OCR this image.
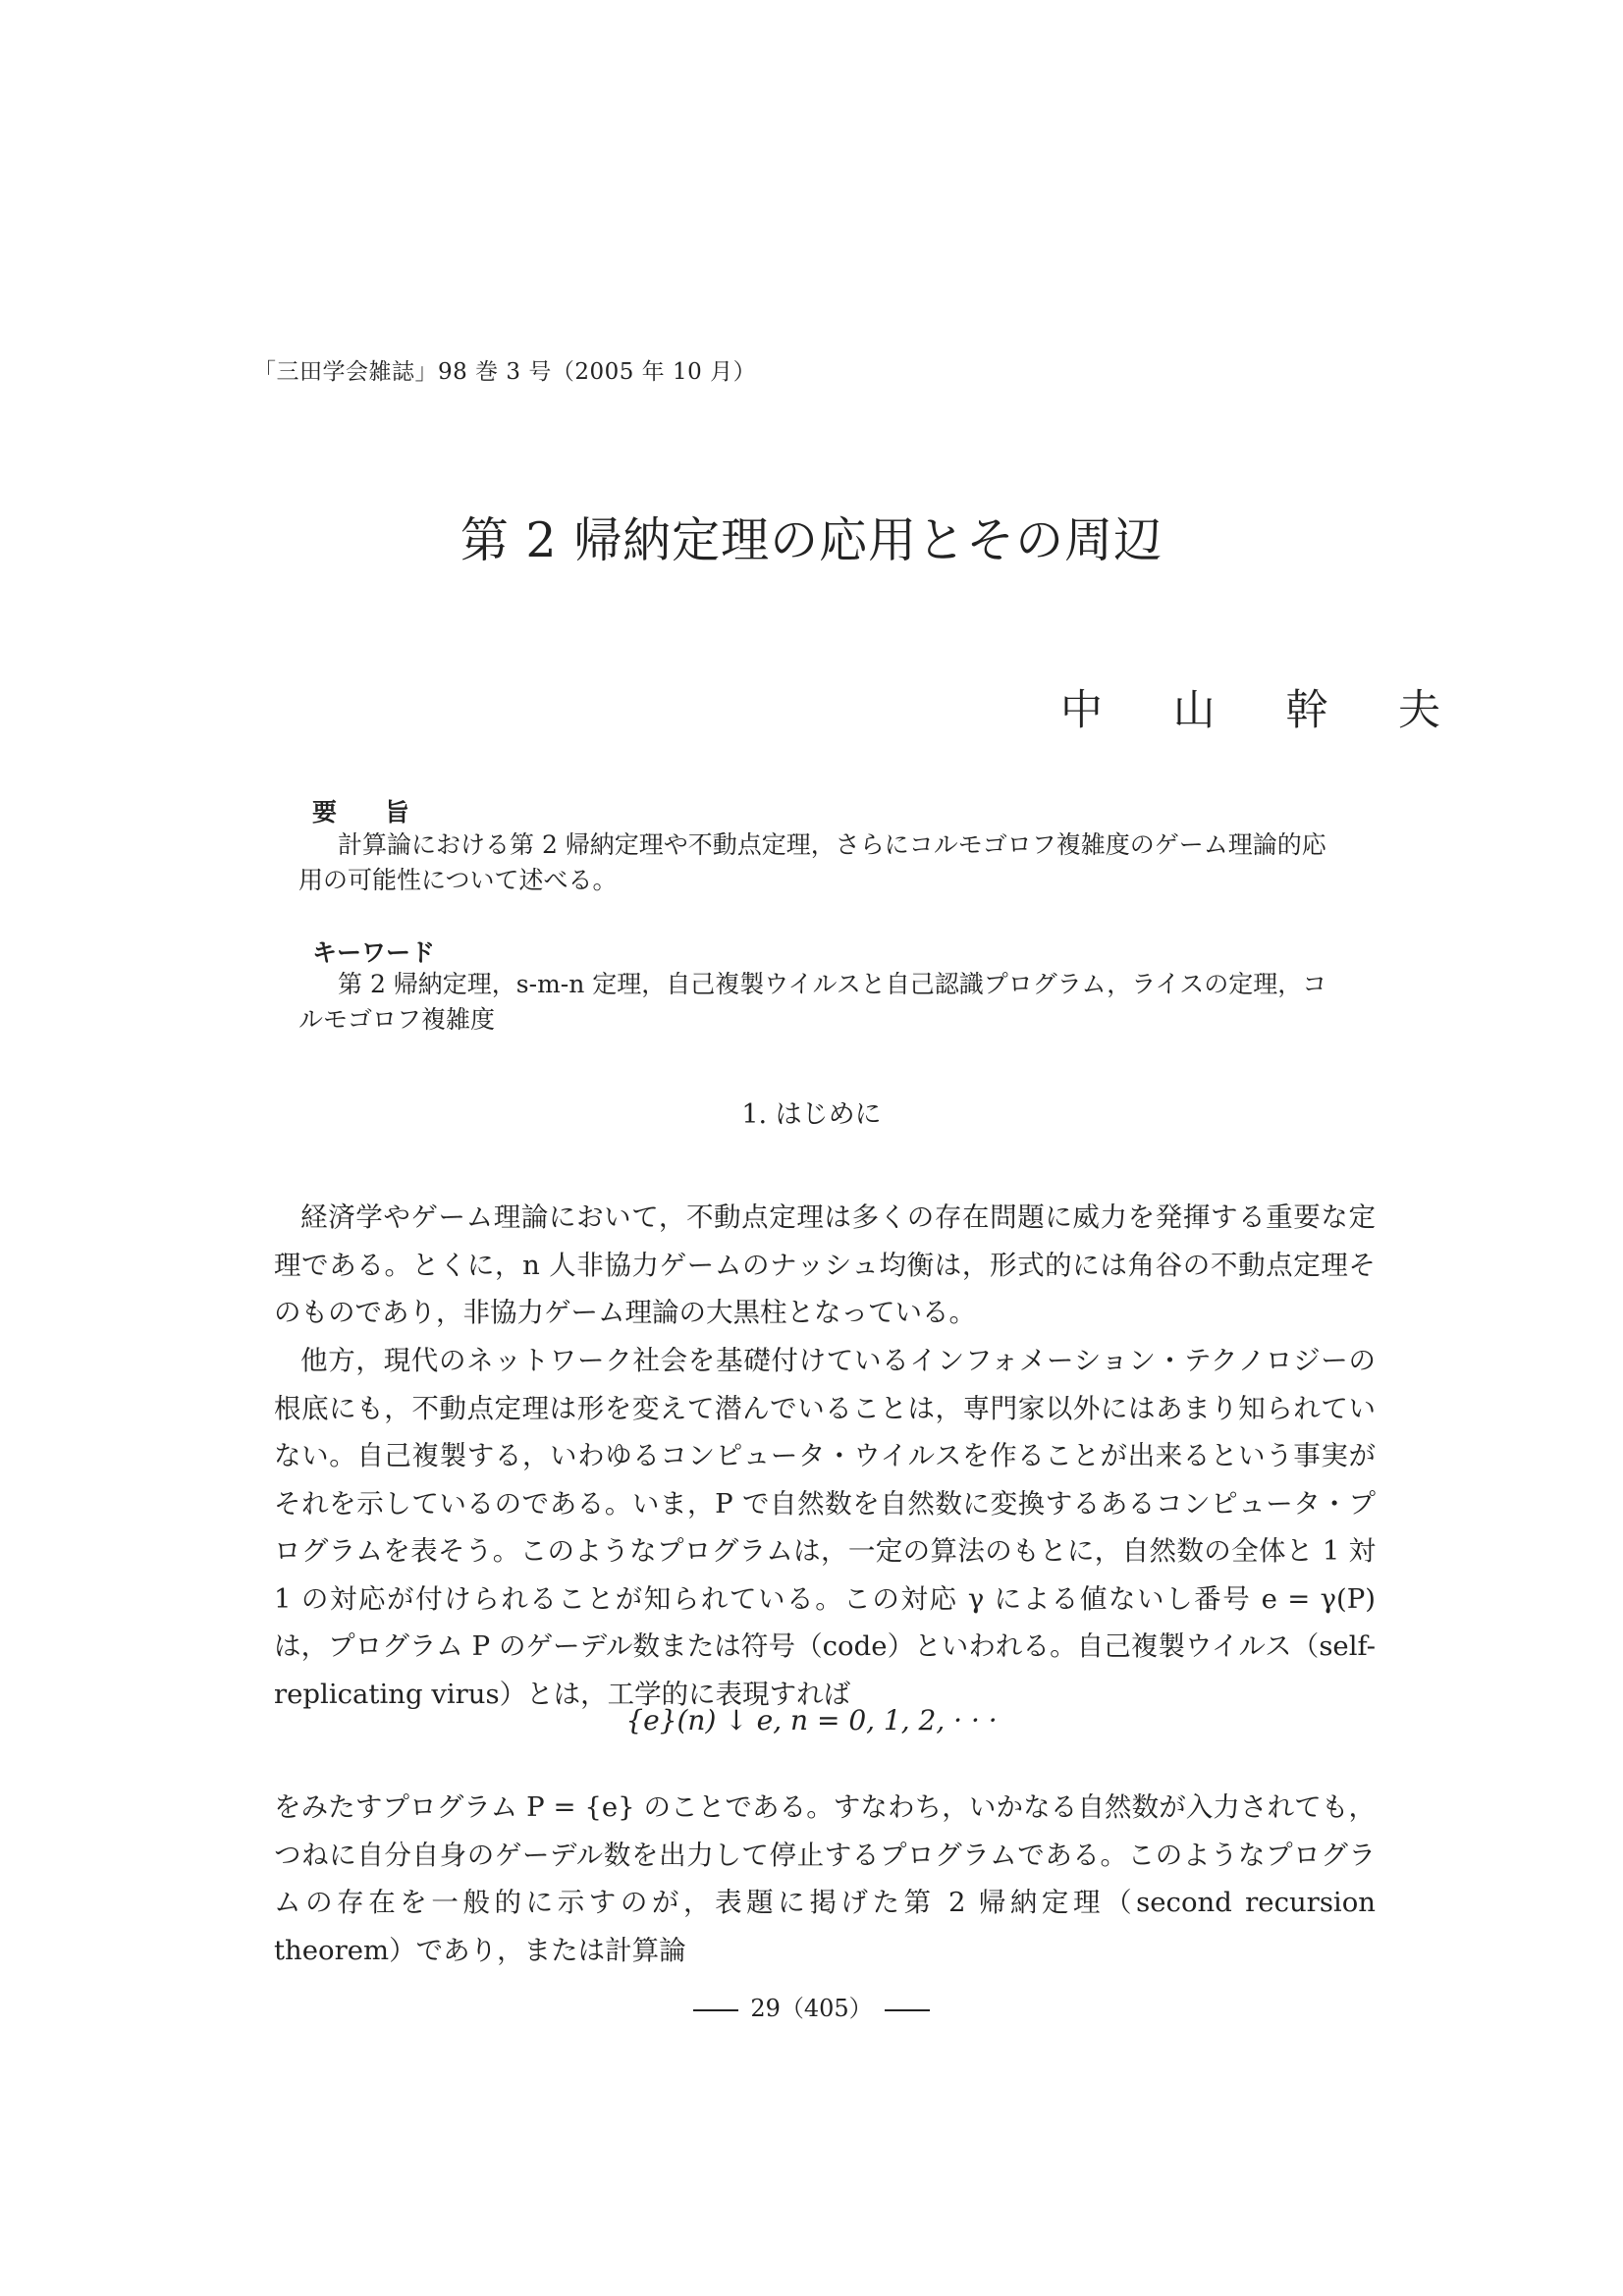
「三田学会雑誌」98 巻 3 号（2005 年 10 月）
第 2 帰納定理の応用とその周辺
中 山 幹 夫
要 旨
計算論における第 2 帰納定理や不動点定理，さらにコルモゴロフ複雑度のゲーム理論的応用の可能性について述べる。
キーワード
第 2 帰納定理，s-m-n 定理，自己複製ウイルスと自己認識プログラム，ライスの定理，コルモゴロフ複雑度
1. はじめに

経済学やゲーム理論において，不動点定理は多くの存在問題に威力を発揮する重要な定理である。とくに，n 人非協力ゲームのナッシュ均衡は，形式的には角谷の不動点定理そのものであり，非協力ゲーム理論の大黒柱となっている。

他方，現代のネットワーク社会を基礎付けているインフォメーション・テクノロジーの根底にも，不動点定理は形を変えて潜んでいることは，専門家以外にはあまり知られていない。自己複製する，いわゆるコンピュータ・ウイルスを作ることが出来るという事実がそれを示しているのである。いま，P で自然数を自然数に変換するあるコンピュータ・プログラムを表そう。このようなプログラムは，一定の算法のもとに，自然数の全体と 1 対 1 の対応が付けられることが知られている。この対応 γ による値ないし番号 e = γ(P) は，プログラム P のゲーデル数または符号（code）といわれる。自己複製ウイルス（self-replicating virus）とは，工学的に表現すれば

{e}(n) ↓ e, n = 0, 1, 2, · · ·

をみたすプログラム P = {e} のことである。すなわち，いかなる自然数が入力されても，つねに自分自身のゲーデル数を出力して停止するプログラムである。このようなプログラムの存在を一般的に示すのが，表題に掲げた第 2 帰納定理（second recursion theorem）であり，または計算論

29（405）
